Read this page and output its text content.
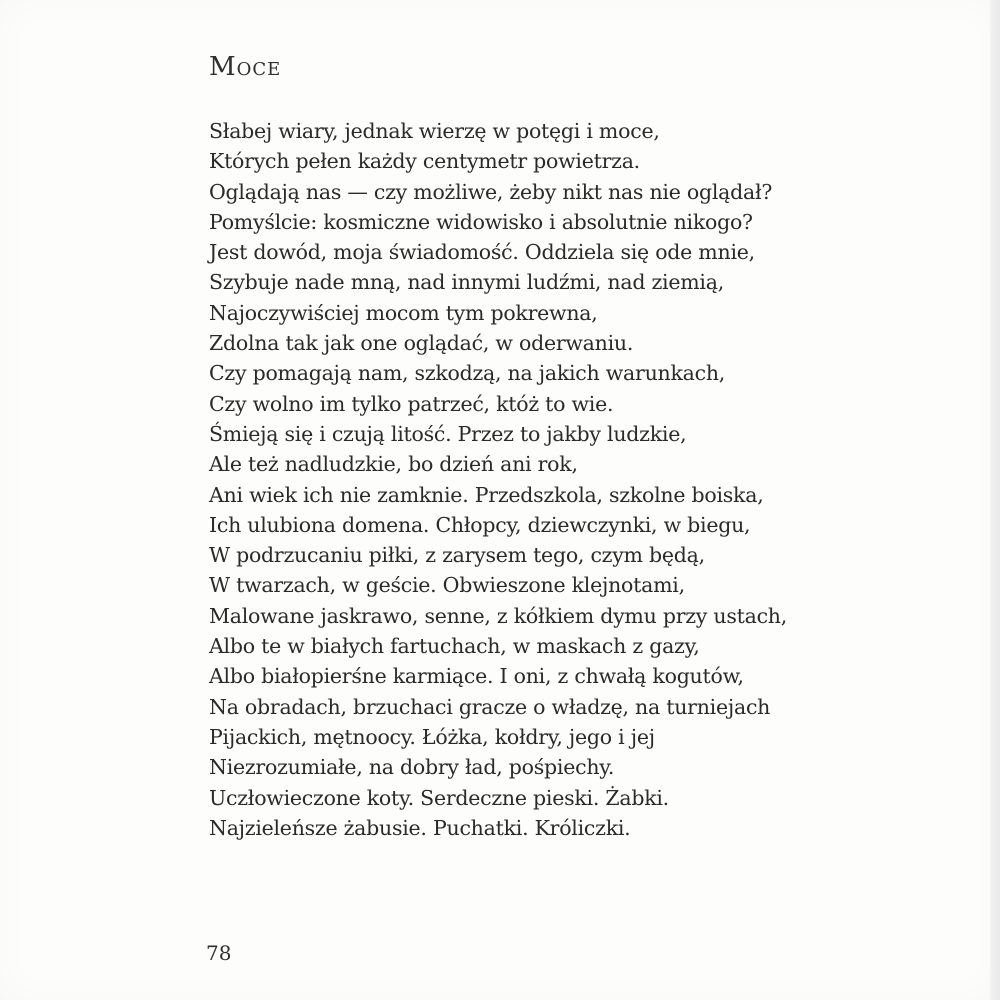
Moce
Słabej wiary, jednak wierzę w potęgi i moce,
Których pełen każdy centymetr powietrza.
Oglądają nas — czy możliwe, żeby nikt nas nie oglądał?
Pomyślcie: kosmiczne widowisko i absolutnie nikogo?
Jest dowód, moja świadomość. Oddziela się ode mnie,
Szybuje nade mną, nad innymi ludźmi, nad ziemią,
Najoczywiściej mocom tym pokrewna,
Zdolna tak jak one oglądać, w oderwaniu.
Czy pomagają nam, szkodzą, na jakich warunkach,
Czy wolno im tylko patrzeć, któż to wie.
Śmieją się i czują litość. Przez to jakby ludzkie,
Ale też nadludzkie, bo dzień ani rok,
Ani wiek ich nie zamknie. Przedszkola, szkolne boiska,
Ich ulubiona domena. Chłopcy, dziewczynki, w biegu,
W podrzucaniu piłki, z zarysem tego, czym będą,
W twarzach, w geście. Obwieszone klejnotami,
Malowane jaskrawo, senne, z kółkiem dymu przy ustach,
Albo te w białych fartuchach, w maskach z gazy,
Albo białopierśne karmiące. I oni, z chwałą kogutów,
Na obradach, brzuchaci gracze o władzę, na turniejach
Pijackich, mętnoocy. Łóżka, kołdry, jego i jej
Niezrozumiałe, na dobry ład, pośpiechy.
Uczłowieczone koty. Serdeczne pieski. Żabki.
Najzieleńsze żabusie. Puchatki. Króliczki.
78
